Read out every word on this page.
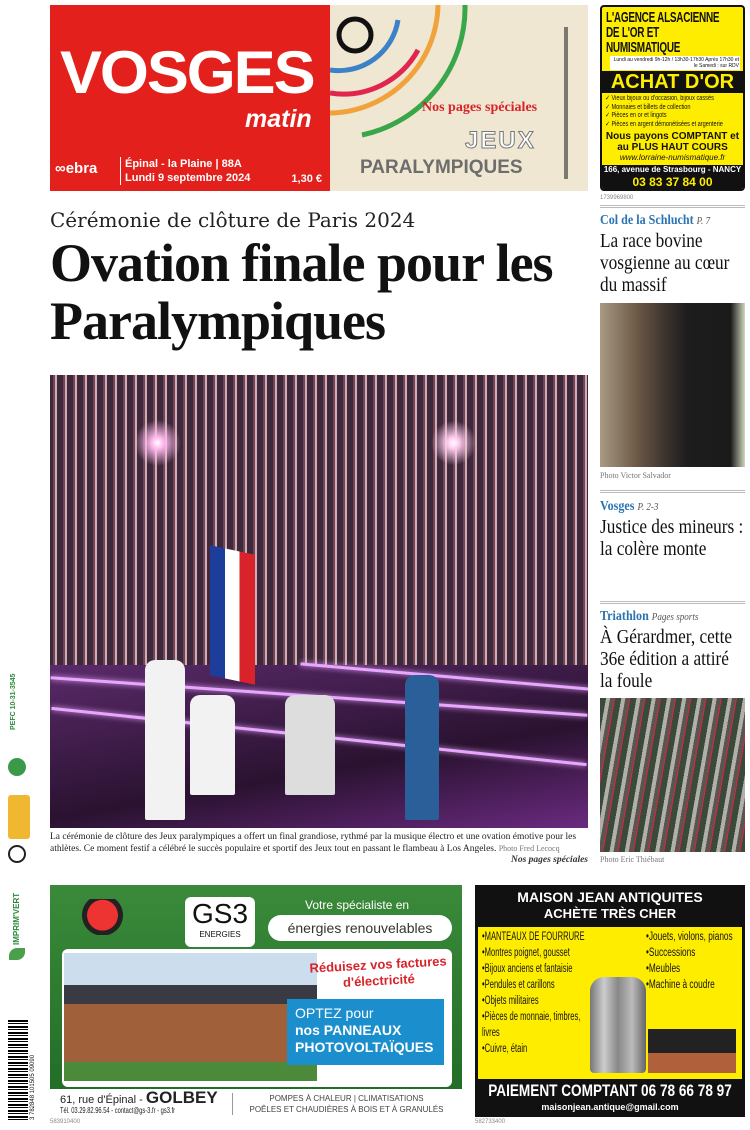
VOSGES
matin
∞ebra	Épinal - la Plaine | 88A
Lundi 9 septembre 2024	1,30 €
Nos pages spéciales
JEUX
PARALYMPIQUES
L'AGENCE ALSACIENNE DE L'OR ET NUMISMATIQUE
Lundi au vendredi 9h-12h / 13h30-17h30 Après 17h30 et le Samedi : sur RDV
ACHAT D'OR
✓ Vieux bijoux ou d'occasion, bijoux cassés
✓ Monnaies et billets de collection
✓ Pièces en or et lingots
✓ Pièces en argent démonétisées et argenterie
Nous payons COMPTANT et au PLUS HAUT COURS
www.lorraine-numismatique.fr
166, avenue de Strasbourg - NANCY
03 83 37 84 00
1739969800
Cérémonie de clôture de Paris 2024
Ovation finale pour les Paralympiques
La cérémonie de clôture des Jeux paralympiques a offert un final grandiose, rythmé par la musique électro et une ovation émotive pour les athlètes. Ce moment festif a célébré le succès populaire et sportif des Jeux tout en passant le flambeau à Los Angeles. Photo Fred Lecocq
Nos pages spéciales
Col de la Schlucht P. 7
La race bovine vosgienne au cœur du massif
Photo Victor Salvador
Vosges P. 2-3
Justice des mineurs : la colère monte
Triathlon Pages sports
À Gérardmer, cette 36e édition a attiré la foule
Photo Eric Thiébaut
GS3
ENERGIES
Votre spécialiste en
énergies renouvelables
Réduisez vos factures d'électricité
OPTEZ pour
nos PANNEAUX PHOTOVOLTAÏQUES
61, rue d'Épinal - GOLBEY
Tél. 03.29.82.96.54 - contact@gs-3.fr - gs3.fr
POMPES À CHALEUR | CLIMATISATIONS
POÊLES ET CHAUDIÈRES À BOIS ET À GRANULÉS
583910400
MAISON JEAN ANTIQUITES
ACHÈTE TRÈS CHER
• MANTEAUX DE FOURRURE
• Montres poignet, gousset
• Bijoux anciens et fantaisie
• Pendules et carillons
• Objets militaires
• Pièces de monnaie, timbres, livres
• Cuivre, étain
• Jouets, violons, pianos
• Successions
• Meubles
• Machine à coudre
PAIEMENT COMPTANT 06 78 66 78 97
maisonjean.antique@gmail.com
582733400
PEFC 10-31-3545
IMPRIM'VERT
3 782848 101505 09090
